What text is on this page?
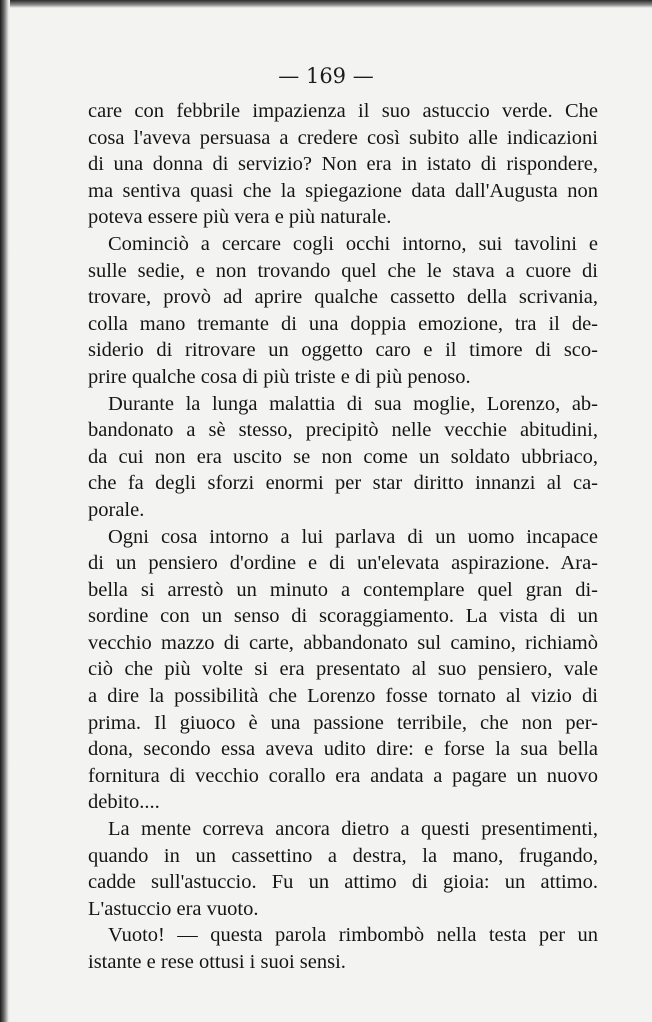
— 169 —
care con febbrile impazienza il suo astuccio verde. Che
cosa l'aveva persuasa a credere così subito alle indicazioni
di una donna di servizio? Non era in istato di rispondere,
ma sentiva quasi che la spiegazione data dall'Augusta non
poteva essere più vera e più naturale.
Cominciò a cercare cogli occhi intorno, sui tavolini e
sulle sedie, e non trovando quel che le stava a cuore di
trovare, provò ad aprire qualche cassetto della scrivania,
colla mano tremante di una doppia emozione, tra il de-
siderio di ritrovare un oggetto caro e il timore di sco-
prire qualche cosa di più triste e di più penoso.
Durante la lunga malattia di sua moglie, Lorenzo, ab-
bandonato a sè stesso, precipitò nelle vecchie abitudini,
da cui non era uscito se non come un soldato ubbriaco,
che fa degli sforzi enormi per star diritto innanzi al ca-
porale.
Ogni cosa intorno a lui parlava di un uomo incapace
di un pensiero d'ordine e di un'elevata aspirazione. Ara-
bella si arrestò un minuto a contemplare quel gran di-
sordine con un senso di scoraggiamento. La vista di un
vecchio mazzo di carte, abbandonato sul camino, richiamò
ciò che più volte si era presentato al suo pensiero, vale
a dire la possibilità che Lorenzo fosse tornato al vizio di
prima. Il giuoco è una passione terribile, che non per-
dona, secondo essa aveva udito dire: e forse la sua bella
fornitura di vecchio corallo era andata a pagare un nuovo
debito....
La mente correva ancora dietro a questi presentimenti,
quando in un cassettino a destra, la mano, frugando,
cadde sull'astuccio. Fu un attimo di gioia: un attimo.
L'astuccio era vuoto.
Vuoto! — questa parola rimbombò nella testa per un
istante e rese ottusi i suoi sensi.
